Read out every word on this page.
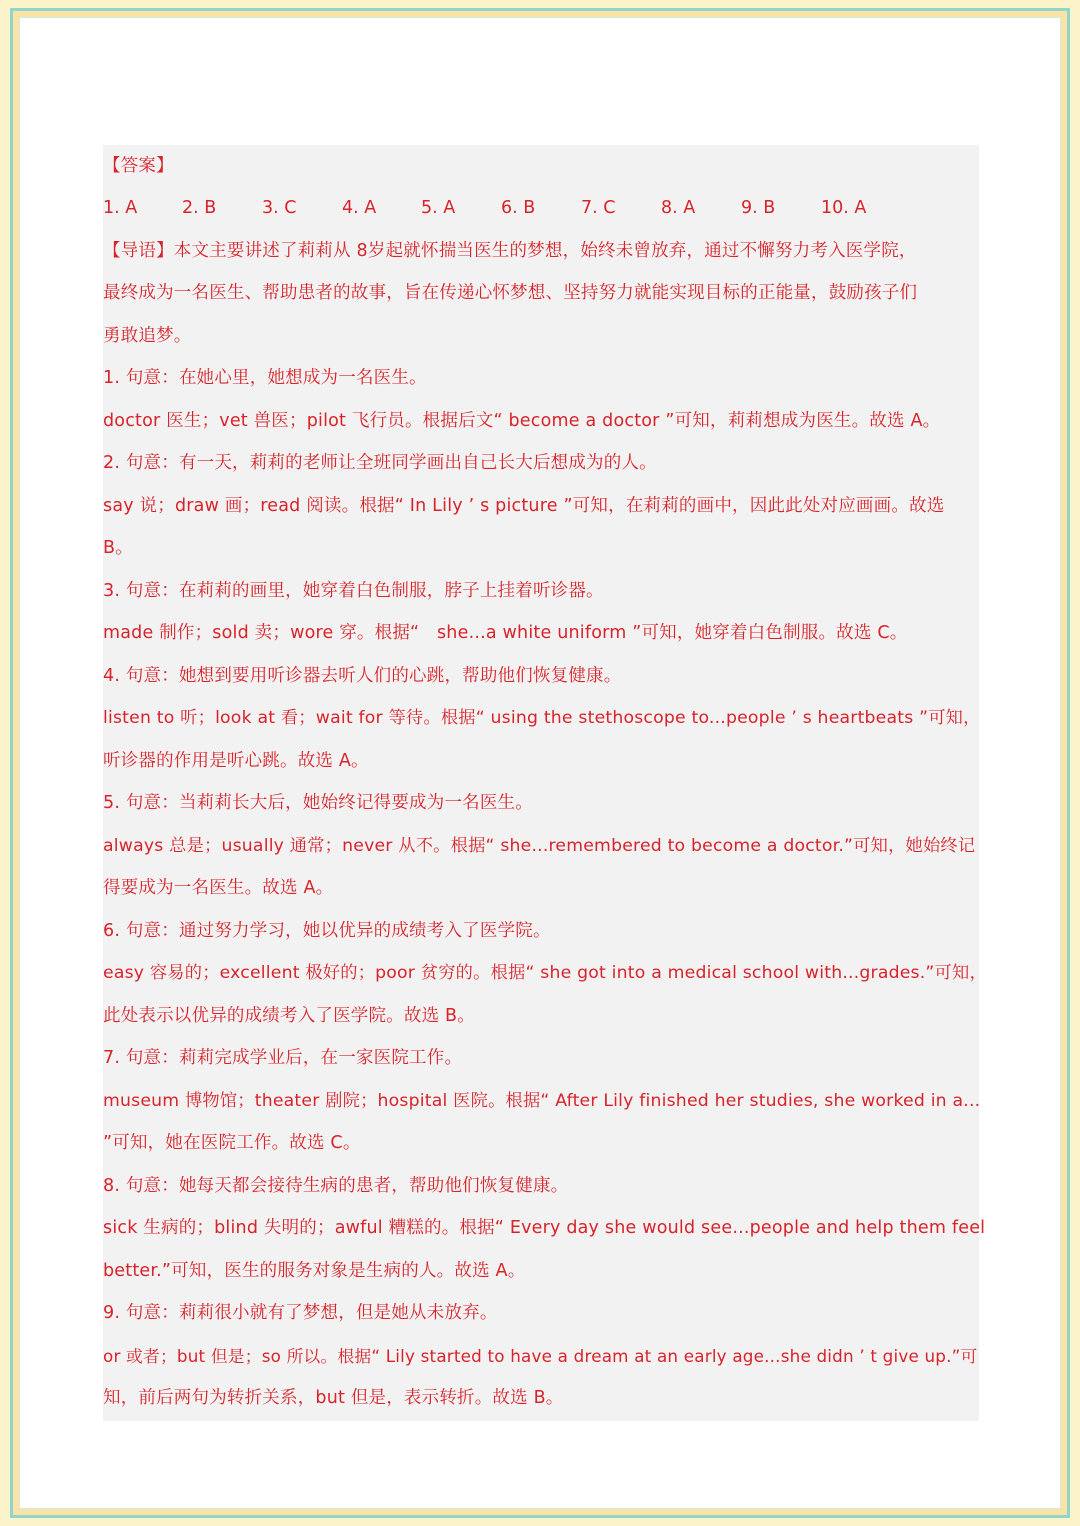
【答案】
1. A	2. B	3. C	4. A	5. A	6. B	7. C	8. A	9. B	10. A
【导语】本文主要讲述了莉莉从 8岁起就怀揣当医生的梦想，始终未曾放弃，通过不懈努力考入医学院，
最终成为一名医生、帮助患者的故事，旨在传递心怀梦想、坚持努力就能实现目标的正能量，鼓励孩子们
勇敢追梦。
1. 句意：在她心里，她想成为一名医生。
doctor 医生；vet 兽医；pilot 飞行员。根据后文“ become a doctor ”可知，莉莉想成为医生。故选 A。
2. 句意：有一天，莉莉的老师让全班同学画出自己长大后想成为的人。
say 说；draw 画；read 阅读。根据“ In Lily ’ s picture ”可知，在莉莉的画中，因此此处对应画画。故选
B。
3. 句意：在莉莉的画里，她穿着白色制服，脖子上挂着听诊器。
made 制作；sold 卖；wore 穿。根据“　she...a white uniform ”可知，她穿着白色制服。故选 C。
4. 句意：她想到要用听诊器去听人们的心跳，帮助他们恢复健康。
listen to 听；look at 看；wait for 等待。根据“ using the stethoscope to...people ’ s heartbeats ”可知，
听诊器的作用是听心跳。故选 A。
5. 句意：当莉莉长大后，她始终记得要成为一名医生。
always 总是；usually 通常；never 从不。根据“ she...remembered to become a doctor.”可知，她始终记
得要成为一名医生。故选 A。
6. 句意：通过努力学习，她以优异的成绩考入了医学院。
easy 容易的；excellent 极好的；poor 贫穷的。根据“ she got into a medical school with...grades.”可知，
此处表示以优异的成绩考入了医学院。故选 B。
7. 句意：莉莉完成学业后，在一家医院工作。
museum 博物馆；theater 剧院；hospital 医院。根据“ After Lily finished her studies, she worked in a...
”可知，她在医院工作。故选 C。
8. 句意：她每天都会接待生病的患者，帮助他们恢复健康。
sick 生病的；blind 失明的；awful 糟糕的。根据“ Every day she would see...people and help them feel
better.”可知，医生的服务对象是生病的人。故选 A。
9. 句意：莉莉很小就有了梦想，但是她从未放弃。
or 或者；but 但是；so 所以。根据“ Lily started to have a dream at an early age...she didn ’ t give up.”可
知，前后两句为转折关系，but 但是，表示转折。故选 B。
